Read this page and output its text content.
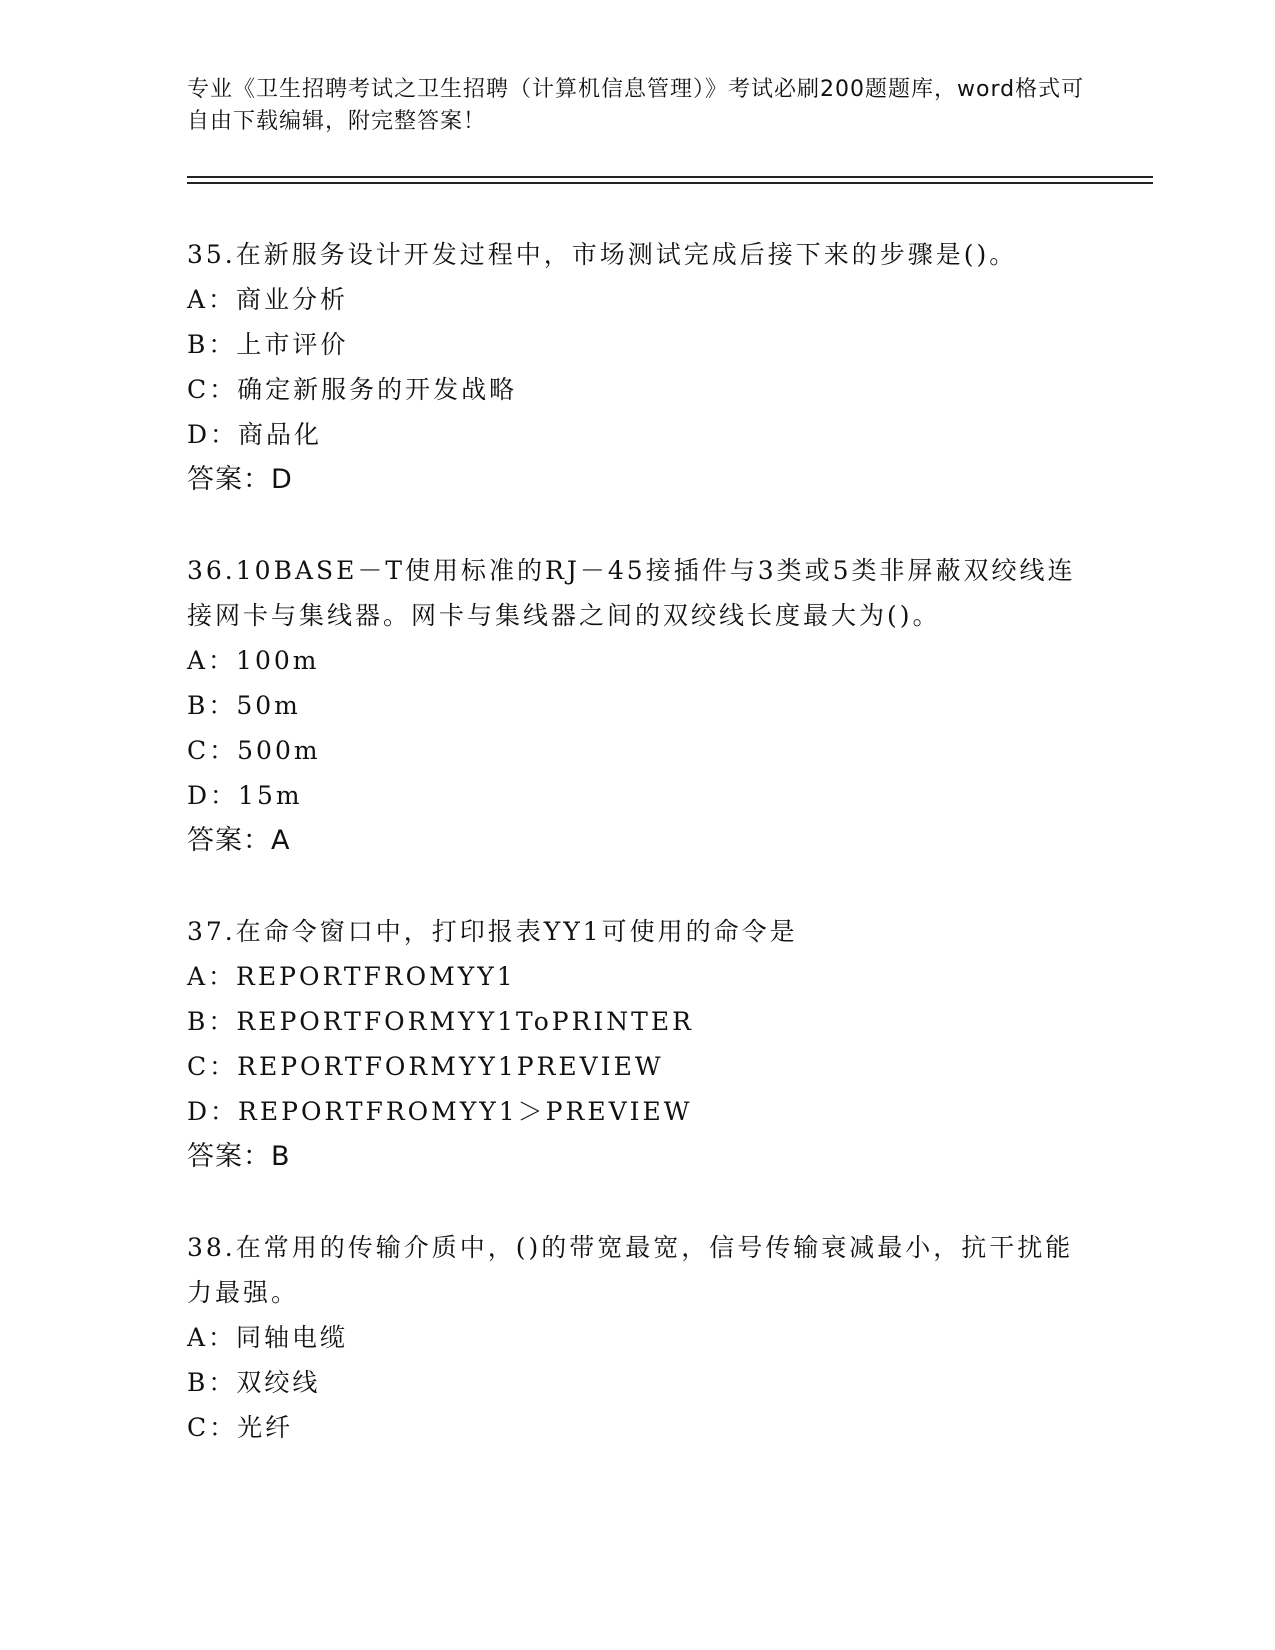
专业《卫生招聘考试之卫生招聘（计算机信息管理）》考试必刷200题题库，word格式可自由下载编辑，附完整答案！

35.在新服务设计开发过程中，市场测试完成后接下来的步骤是()。

A：商业分析

B：上市评价

C：确定新服务的开发战略

D：商品化

答案：D

36.10BASE－T使用标准的RJ－45接插件与3类或5类非屏蔽双绞线连接网卡与集线器。网卡与集线器之间的双绞线长度最大为()。

A：100m

B：50m

C：500m

D：15m

答案：A

37.在命令窗口中，打印报表YY1可使用的命令是

A：REPORTFROMYY1

B：REPORTFORMYY1ToPRINTER

C：REPORTFORMYY1PREVIEW

D：REPORTFROMYY1＞PREVIEW

答案：B

38.在常用的传输介质中，()的带宽最宽，信号传输衰减最小，抗干扰能力最强。

A：同轴电缆

B：双绞线

C：光纤
